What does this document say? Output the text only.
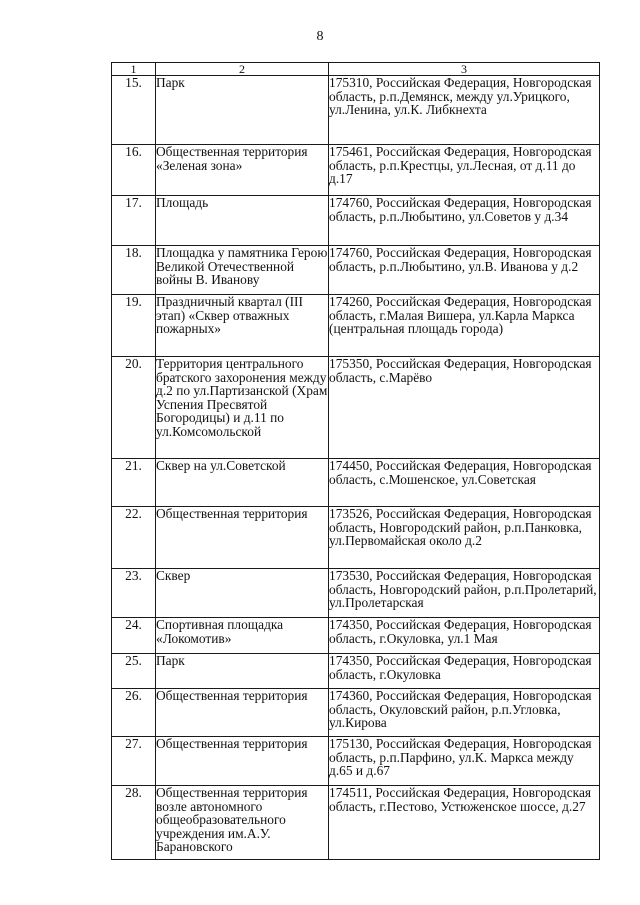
8
1	2	3
15.	Парк	175310, Российская Федерация, Новгородская область, р.п.Демянск, между ул.Урицкого, ул.Ленина, ул.К. Либкнехта
16.	Общественная территория «Зеленая зона»	175461, Российская Федерация, Новгородская область, р.п.Крестцы, ул.Лесная, от д.11 до д.17
17.	Площадь	174760, Российская Федерация, Новгородская область, р.п.Любытино, ул.Советов у д.34
18.	Площадка у памятника Герою Великой Отечественной войны В. Иванову	174760, Российская Федерация, Новгородская область, р.п.Любытино, ул.В. Иванова у д.2
19.	Праздничный квартал (III этап) «Сквер отважных пожарных»	174260, Российская Федерация, Новгородская область, г.Малая Вишера, ул.Карла Маркса (центральная площадь города)
20.	Территория центрального братского захоронения между д.2 по ул.Партизанской (Храм Успения Пресвятой Богородицы) и д.11 по ул.Комсомольской	175350, Российская Федерация, Новгородская область, с.Марёво
21.	Сквер на ул.Советской	174450, Российская Федерация, Новгородская область, с.Мошенское, ул.Советская
22.	Общественная территория	173526, Российская Федерация, Новгородская область, Новгородский район, р.п.Панковка, ул.Первомайская около д.2
23.	Сквер	173530, Российская Федерация, Новгородская область, Новгородский район, р.п.Пролетарий, ул.Пролетарская
24.	Спортивная площадка «Локомотив»	174350, Российская Федерация, Новгородская область, г.Окуловка, ул.1 Мая
25.	Парк	174350, Российская Федерация, Новгородская область, г.Окуловка
26.	Общественная территория	174360, Российская Федерация, Новгородская область, Окуловский район, р.п.Угловка, ул.Кирова
27.	Общественная территория	175130, Российская Федерация, Новгородская область, р.п.Парфино, ул.К. Маркса между д.65 и д.67
28.	Общественная территория возле автономного общеобразовательного учреждения им.А.У. Барановского	174511, Российская Федерация, Новгородская область, г.Пестово, Устюженское шоссе, д.27
